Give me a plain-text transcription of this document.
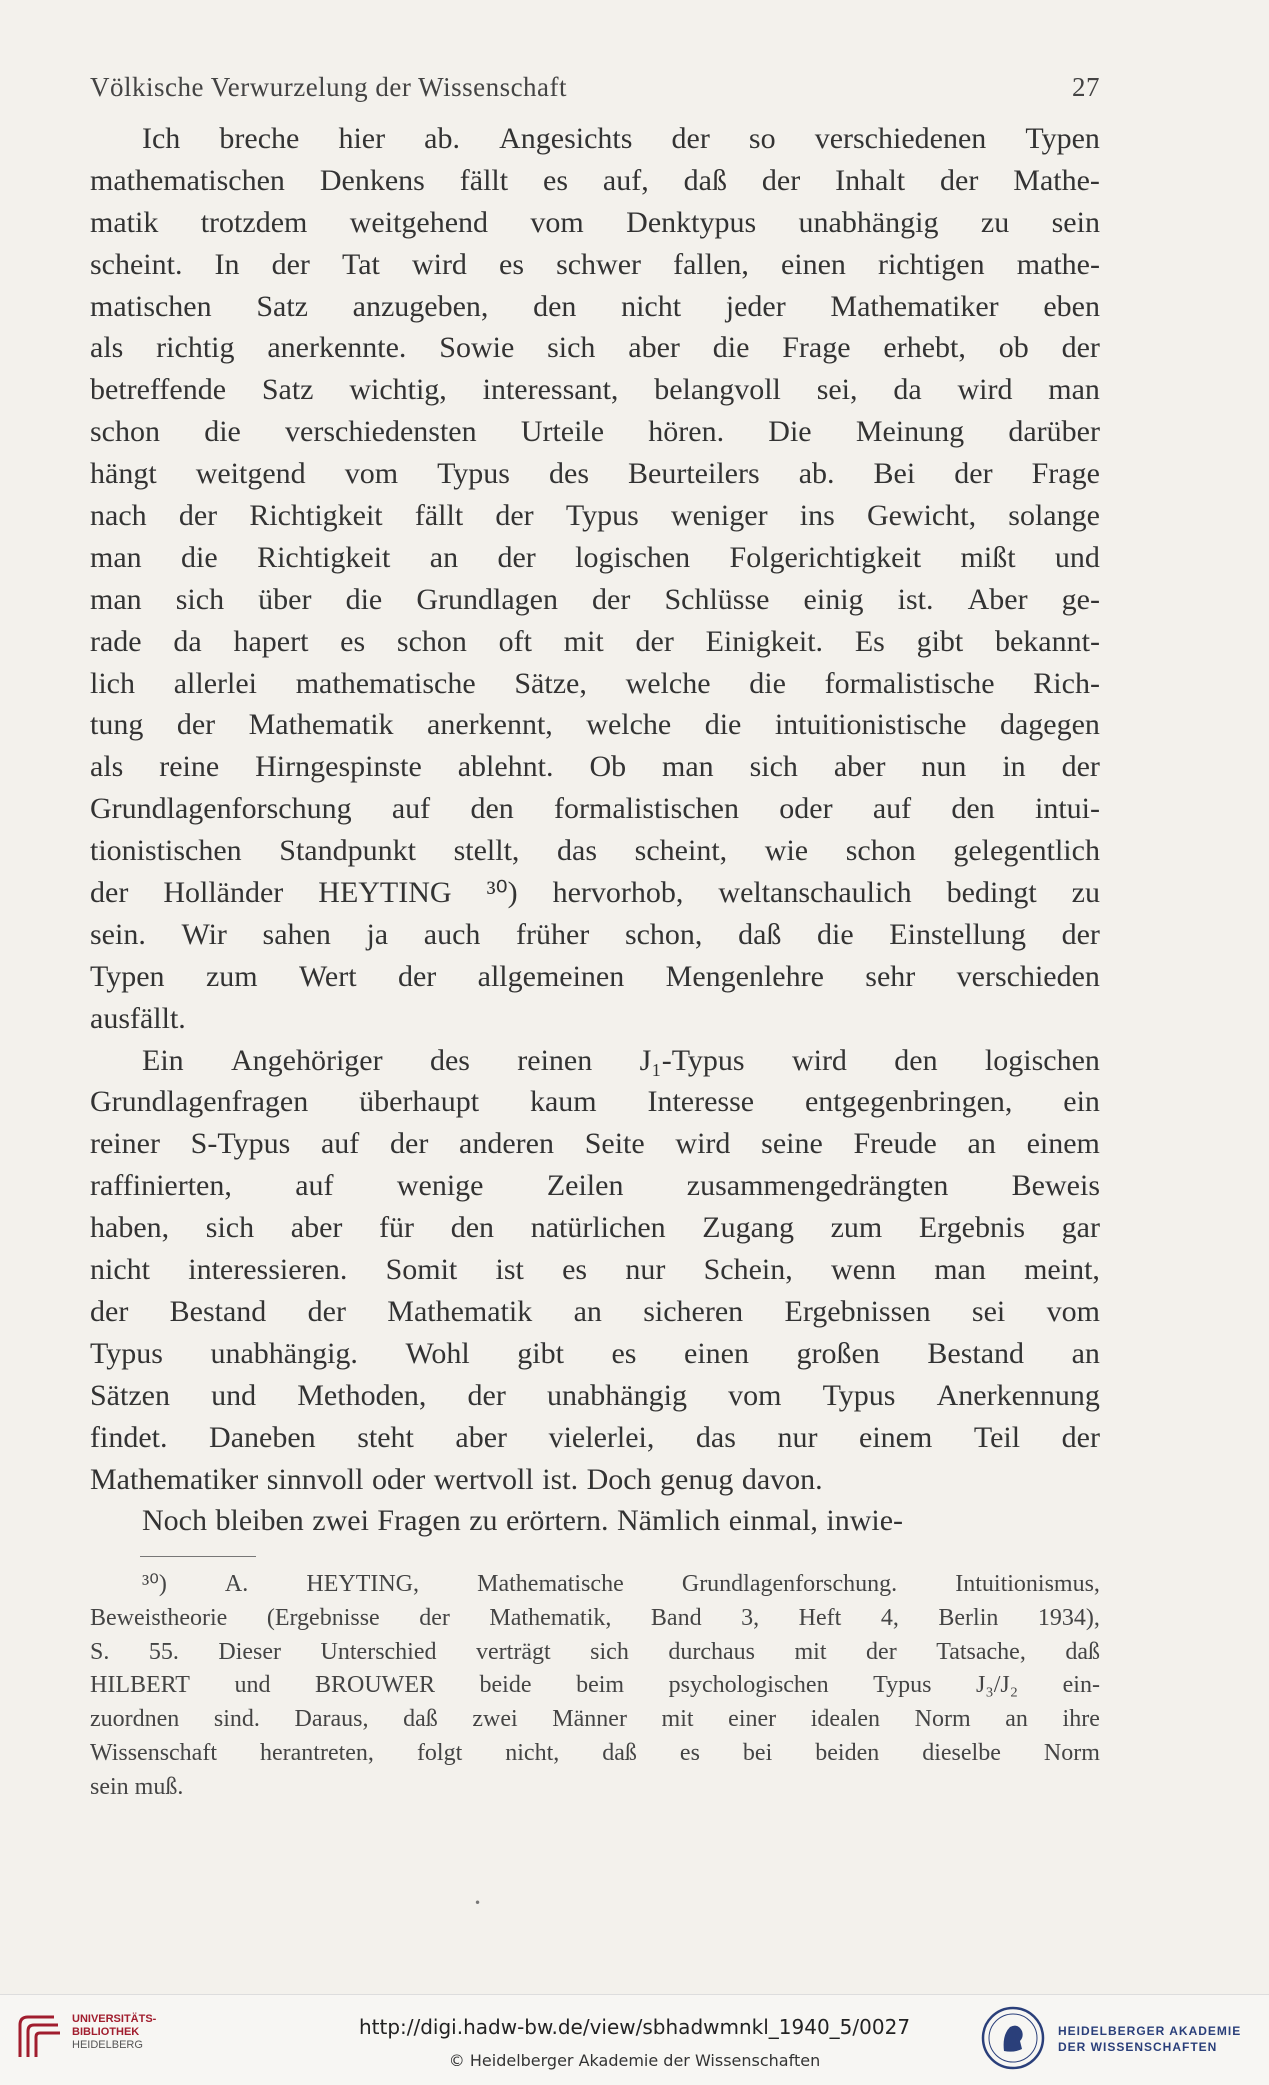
Völkische Verwurzelung der Wissenschaft	27
Ich breche hier ab. Angesichts der so verschiedenen Typen
mathematischen Denkens fällt es auf, daß der Inhalt der Mathe-
matik trotzdem weitgehend vom Denktypus unabhängig zu sein
scheint. In der Tat wird es schwer fallen, einen richtigen mathe-
matischen Satz anzugeben, den nicht jeder Mathematiker eben
als richtig anerkennte. Sowie sich aber die Frage erhebt, ob der
betreffende Satz wichtig, interessant, belangvoll sei, da wird man
schon die verschiedensten Urteile hören. Die Meinung darüber
hängt weitgend vom Typus des Beurteilers ab. Bei der Frage
nach der Richtigkeit fällt der Typus weniger ins Gewicht, solange
man die Richtigkeit an der logischen Folgerichtigkeit mißt und
man sich über die Grundlagen der Schlüsse einig ist. Aber ge-
rade da hapert es schon oft mit der Einigkeit. Es gibt bekannt-
lich allerlei mathematische Sätze, welche die formalistische Rich-
tung der Mathematik anerkennt, welche die intuitionistische dagegen
als reine Hirngespinste ablehnt. Ob man sich aber nun in der
Grundlagenforschung auf den formalistischen oder auf den intui-
tionistischen Standpunkt stellt, das scheint, wie schon gelegentlich
der Holländer HEYTING ³⁰) hervorhob, weltanschaulich bedingt zu
sein. Wir sahen ja auch früher schon, daß die Einstellung der
Typen zum Wert der allgemeinen Mengenlehre sehr verschieden
ausfällt.
Ein Angehöriger des reinen J₁-Typus wird den logischen
Grundlagenfragen überhaupt kaum Interesse entgegenbringen, ein
reiner S-Typus auf der anderen Seite wird seine Freude an einem
raffinierten, auf wenige Zeilen zusammengedrängten Beweis
haben, sich aber für den natürlichen Zugang zum Ergebnis gar
nicht interessieren. Somit ist es nur Schein, wenn man meint,
der Bestand der Mathematik an sicheren Ergebnissen sei vom
Typus unabhängig. Wohl gibt es einen großen Bestand an
Sätzen und Methoden, der unabhängig vom Typus Anerkennung
findet. Daneben steht aber vielerlei, das nur einem Teil der
Mathematiker sinnvoll oder wertvoll ist. Doch genug davon.
Noch bleiben zwei Fragen zu erörtern. Nämlich einmal, inwie-
³⁰) A. HEYTING, Mathematische Grundlagenforschung. Intuitionismus,
Beweistheorie (Ergebnisse der Mathematik, Band 3, Heft 4, Berlin 1934),
S. 55. Dieser Unterschied verträgt sich durchaus mit der Tatsache, daß
HILBERT und BROUWER beide beim psychologischen Typus J₃/J₂ ein-
zuordnen sind. Daraus, daß zwei Männer mit einer idealen Norm an ihre
Wissenschaft herantreten, folgt nicht, daß es bei beiden dieselbe Norm
sein muß.
•
UNIVERSITÄTS-
BIBLIOTHEK
HEIDELBERG
http://digi.hadw-bw.de/view/sbhadwmnkl_1940_5/0027
© Heidelberger Akademie der Wissenschaften
HEIDELBERGER AKADEMIE
DER WISSENSCHAFTEN
